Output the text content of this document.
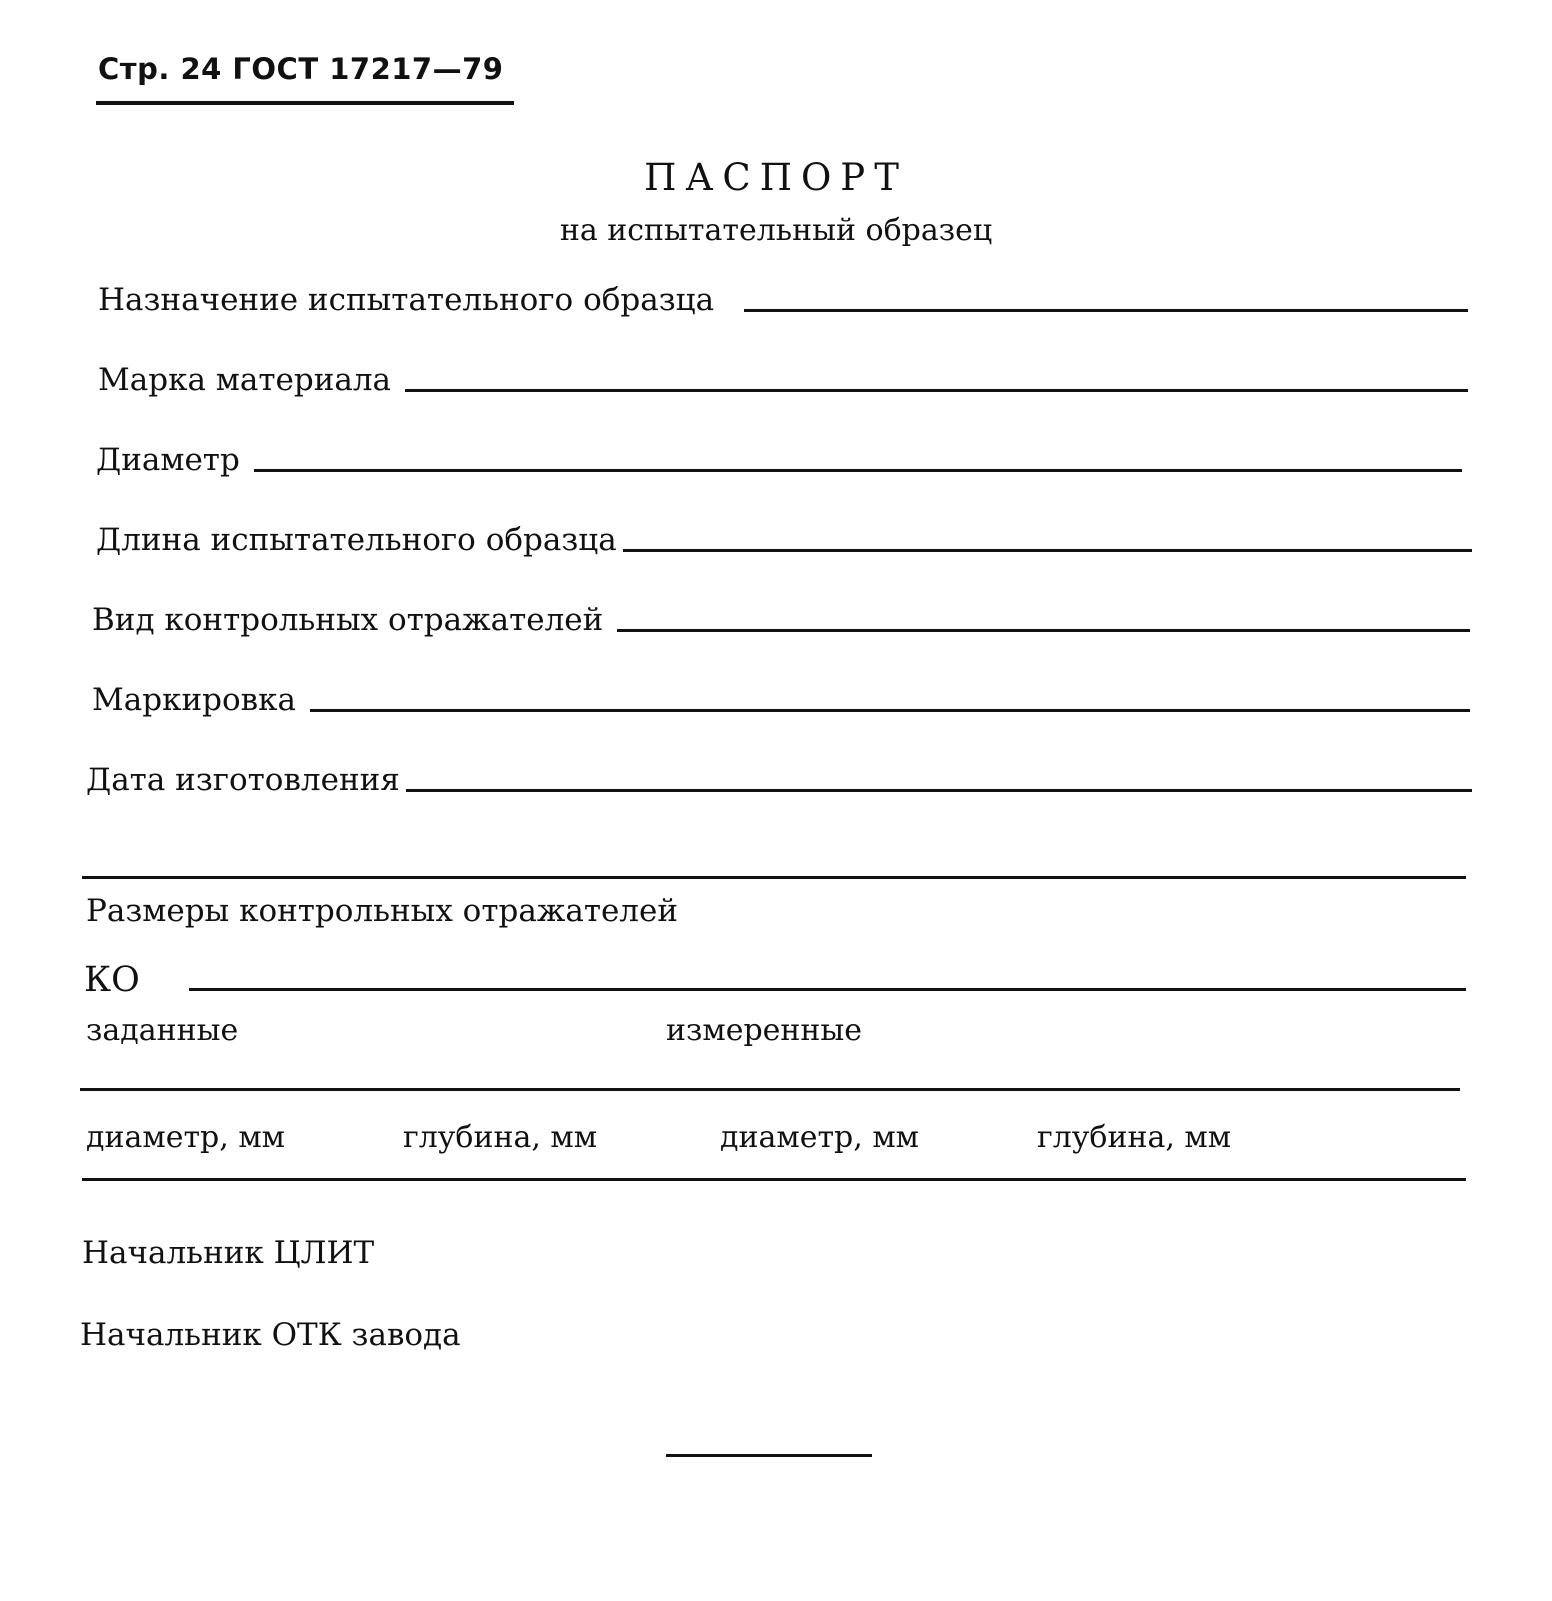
Стр. 24 ГОСТ 17217—79
ПАСПОРТ
на испытательный образец
Назначение испытательного образца
Марка материала
Диаметр
Длина испытательного образца
Вид контрольных отражателей
Маркировка
Дата изготовления
Размеры контрольных отражателей
КО
заданные	измеренные
диаметр, мм	глубина, мм	диаметр, мм	глубина, мм
Начальник ЦЛИТ
Начальник ОТК завода
